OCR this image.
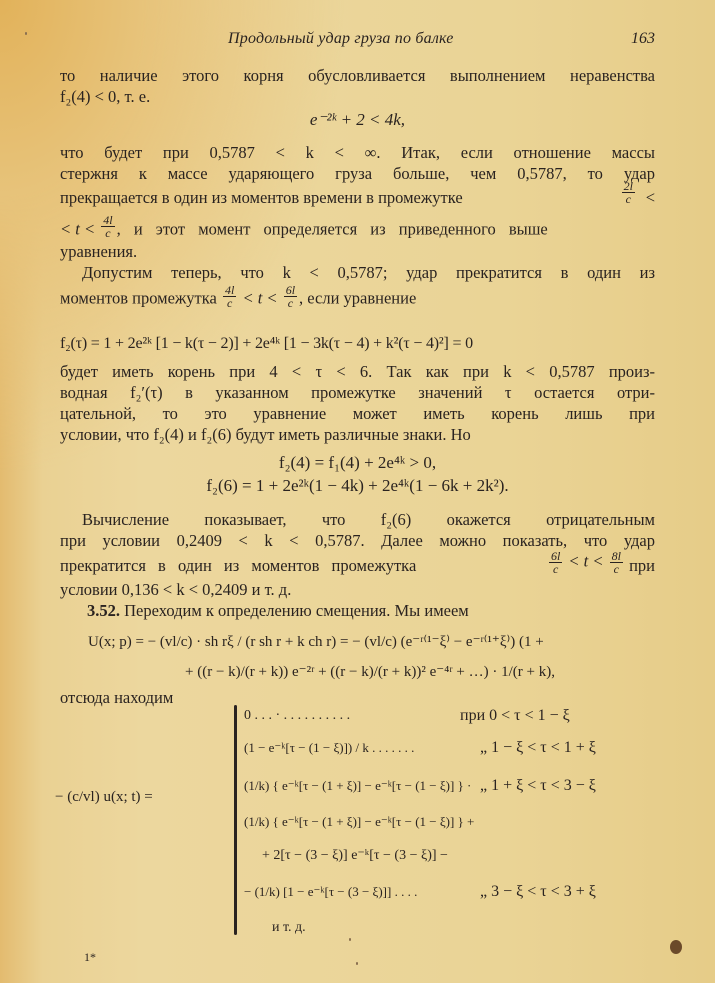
Продольный удар груза по балке	163
то наличие этого корня обусловливается выполнением неравенства
f₂(4) < 0, т. е.
e⁻²ᵏ + 2 < 4k,
что будет при 0,5787 < k < ∞. Итак, если отношение массы
стержня к массе ударяющего груза больше, чем 0,5787, то удар
прекращается в один из моментов времени в промежутке	$\frac{2l}{c}$ <
< $t < \frac{4l}{c}$ , и этот момент определяется из приведенного выше
уравнения.
Допустим теперь, что k < 0,5787; удар прекратится в один из
моментов промежутка $\frac{4l}{c} < t < \frac{6l}{c}$ , если уравнение
f₂(τ) = 1 + 2e²ᵏ [1 − k(τ − 2)] + 2e⁴ᵏ [1 − 3k(τ − 4) + k²(τ − 4)²] = 0
будет иметь корень при 4 < τ < 6. Так как при k < 0,5787 произ-
водная f₂′(τ) в указанном промежутке значений τ остается отри-
цательной, то это уравнение может иметь корень лишь при
условии, что f₂(4) и f₂(6) будут иметь различные знаки. Но
f₂(4) = f₁(4) + 2e⁴ᵏ > 0,
f₂(6) = 1 + 2e²ᵏ(1 − 4k) + 2e⁴ᵏ(1 − 6k + 2k²).
Вычисление показывает, что f₂(6) окажется отрицательным
при условии 0,2409 < k < 0,5787. Далее можно показать, что удар
прекратится в один из моментов промежутка	$\frac{6l}{c} < t < \frac{8l}{c}$ при
условии 0,136 < k < 0,2409 и т. д.
3.52. Переходим к определению смещения. Мы имеем
U(x; p) = − (vl/c) · sh rξ / (r sh r + k ch r) = − (vl/c) (e⁻ʳ⁽¹⁻ξ⁾ − e⁻ʳ⁽¹⁺ξ⁾) (1 +
+ ((r − k)/(r + k)) e⁻²ʳ + ((r − k)/(r + k))² e⁻⁴ʳ + …) · 1/(r + k),
отсюда находим
− (c/vl) u(x; t) =
0 . . . · . . . . . . . . . .	при 0 < τ < 1 − ξ
(1 − e⁻ᵏ[τ − (1 − ξ)]) / k . . . . . . .	„ 1 − ξ < τ < 1 + ξ
(1/k) { e⁻ᵏ[τ − (1 + ξ)] − e⁻ᵏ[τ − (1 − ξ)] } · „ 1 + ξ < τ < 3 − ξ
(1/k) { e⁻ᵏ[τ − (1 + ξ)] − e⁻ᵏ[τ − (1 − ξ)] } +
+ 2[τ − (3 − ξ)] e⁻ᵏ[τ − (3 − ξ)] −
− (1/k) [1 − e⁻ᵏ[τ − (3 − ξ)]] . . . .	„ 3 − ξ < τ < 3 + ξ
и т. д.
1*
